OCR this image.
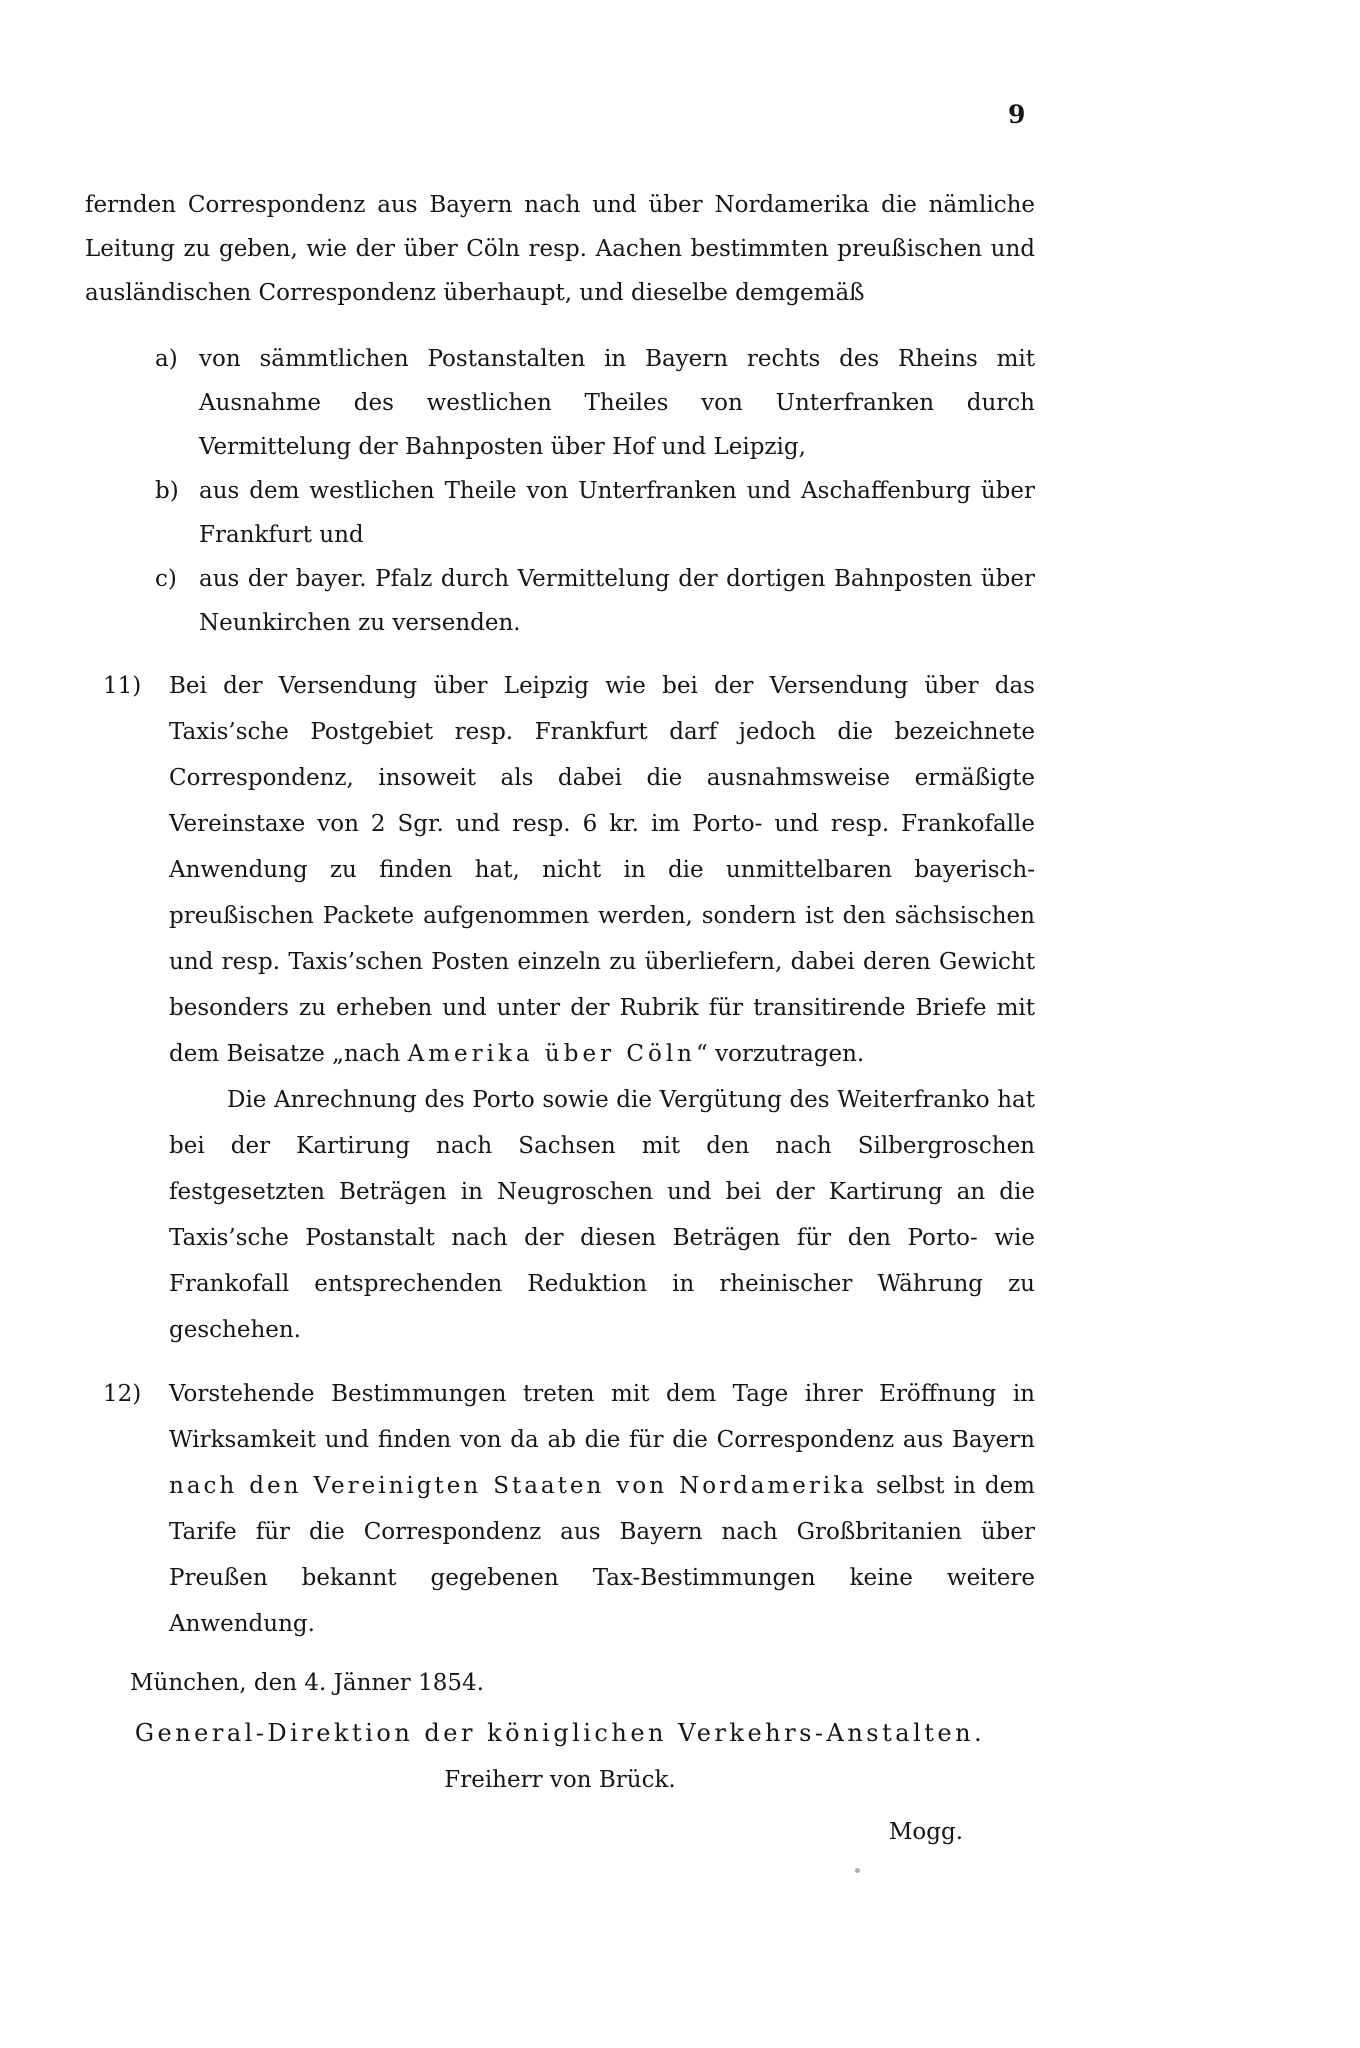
9

fernden Correspondenz aus Bayern nach und über Nordamerika die nämliche Leitung zu geben, wie der über Cöln resp. Aachen bestimmten preußischen und ausländischen Correspondenz überhaupt, und dieselbe demgemäß

a) von sämmtlichen Postanstalten in Bayern rechts des Rheins mit Ausnahme des westlichen Theiles von Unterfranken durch Vermittelung der Bahnposten über Hof und Leipzig,

b) aus dem westlichen Theile von Unterfranken und Aschaffenburg über Frankfurt und

c) aus der bayer. Pfalz durch Vermittelung der dortigen Bahnposten über Neunkirchen zu versenden.

11)	Bei der Versendung über Leipzig wie bei der Versendung über das Taxis’sche Postgebiet resp. Frankfurt darf jedoch die bezeichnete Correspondenz, insoweit als dabei die ausnahmsweise ermäßigte Vereinstaxe von 2 Sgr. und resp. 6 kr. im Porto- und resp. Frankofalle Anwendung zu finden hat, nicht in die unmittelbaren bayerisch-preußischen Packete aufgenommen werden, sondern ist den sächsischen und resp. Taxis’schen Posten einzeln zu überliefern, dabei deren Gewicht besonders zu erheben und unter der Rubrik für transitirende Briefe mit dem Beisatze „nach Amerika über Cöln“ vorzutragen.

Die Anrechnung des Porto sowie die Vergütung des Weiterfranko hat bei der Kartirung nach Sachsen mit den nach Silbergroschen festgesetzten Beträgen in Neugroschen und bei der Kartirung an die Taxis’sche Postanstalt nach der diesen Beträgen für den Porto- wie Frankofall entsprechenden Reduktion in rheinischer Währung zu geschehen.

12)	Vorstehende Bestimmungen treten mit dem Tage ihrer Eröffnung in Wirksamkeit und finden von da ab die für die Correspondenz aus Bayern nach den Vereinigten Staaten von Nordamerika selbst in dem Tarife für die Correspondenz aus Bayern nach Großbritanien über Preußen bekannt gegebenen Tax-Bestimmungen keine weitere Anwendung.

München, den 4. Jänner 1854.

General-Direktion der königlichen Verkehrs-Anstalten.

Freiherr von Brück.

Mogg.
